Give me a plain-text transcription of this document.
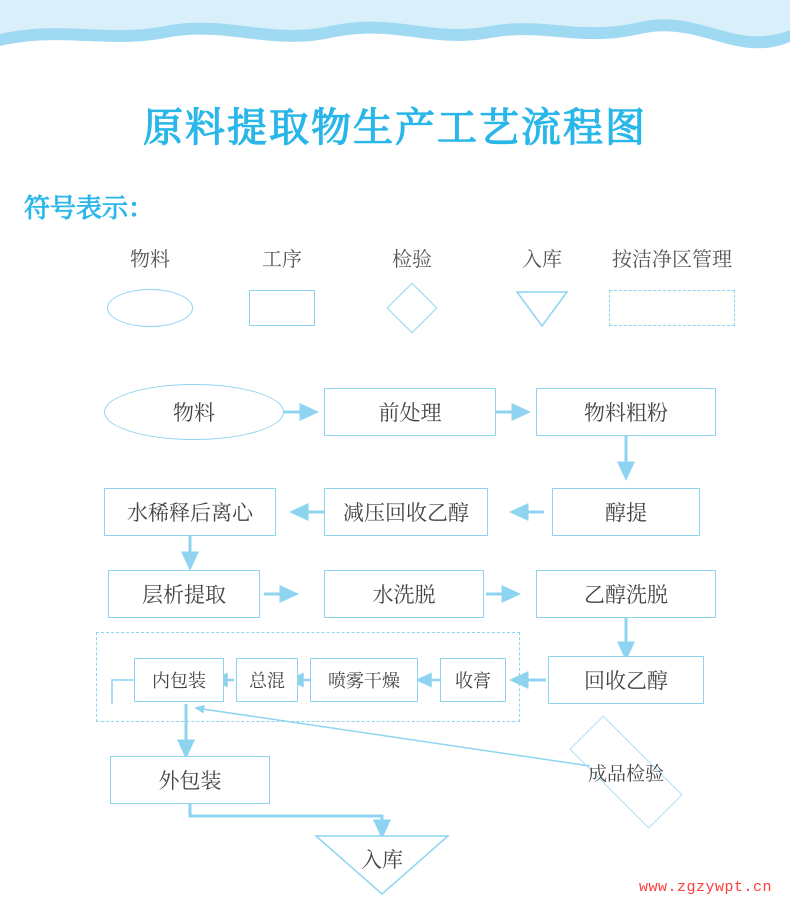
原料提取物生产工艺流程图
符号表示：
物料	工序	检验	入库	按洁净区管理
物料	前处理	物料粗粉
醇提
减压回收乙醇
水稀释后离心
层析提取	水洗脱	乙醇洗脱
回收乙醇
收膏
喷雾干燥
总混
内包装
外包装	成品检验
入库
www.zgzywpt.cn
